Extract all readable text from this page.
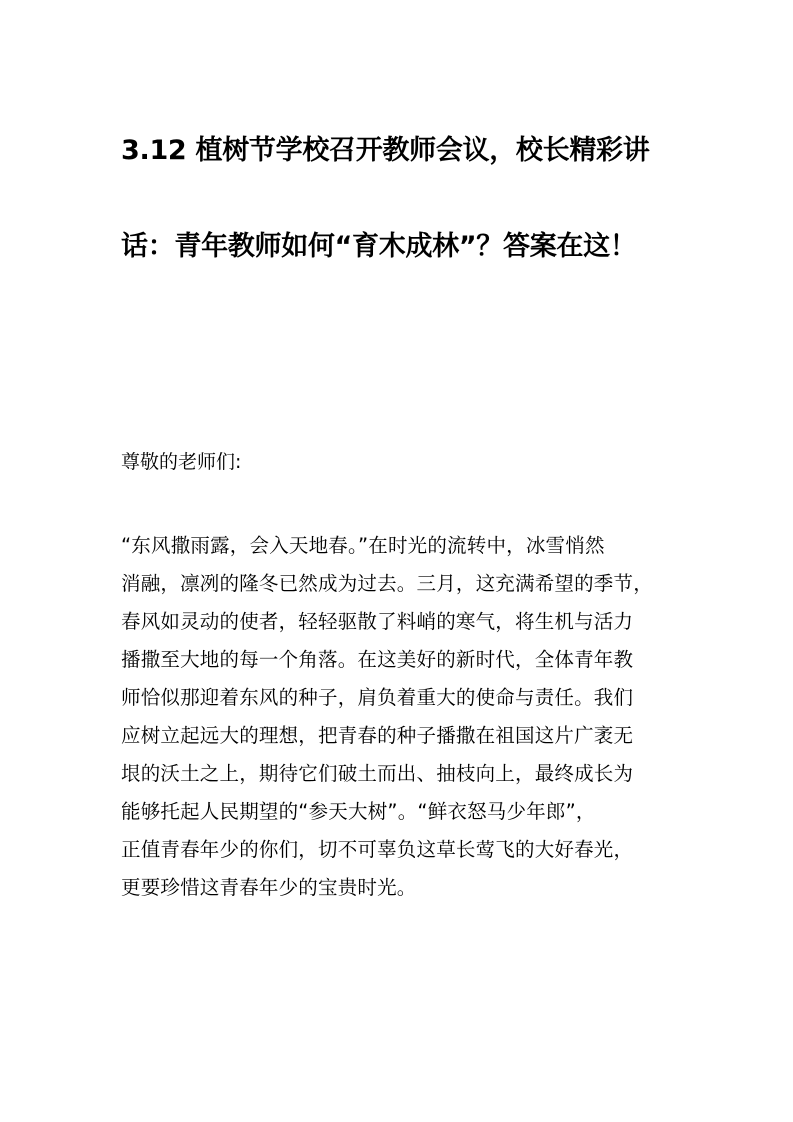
3.12 植树节学校召开教师会议，校长精彩讲
话：青年教师如何“育木成林”？答案在这！

尊敬的老师们:

“东风撒雨露，会入天地春。”在时光的流转中，冰雪悄然
消融，凛冽的隆冬已然成为过去。三月，这充满希望的季节，
春风如灵动的使者，轻轻驱散了料峭的寒气，将生机与活力
播撒至大地的每一个角落。在这美好的新时代，全体青年教
师恰似那迎着东风的种子，肩负着重大的使命与责任。我们
应树立起远大的理想，把青春的种子播撒在祖国这片广袤无
垠的沃土之上，期待它们破土而出、抽枝向上，最终成长为
能够托起人民期望的“参天大树”。“鲜衣怒马少年郎”，
正值青春年少的你们，切不可辜负这草长莺飞的大好春光，
更要珍惜这青春年少的宝贵时光。
